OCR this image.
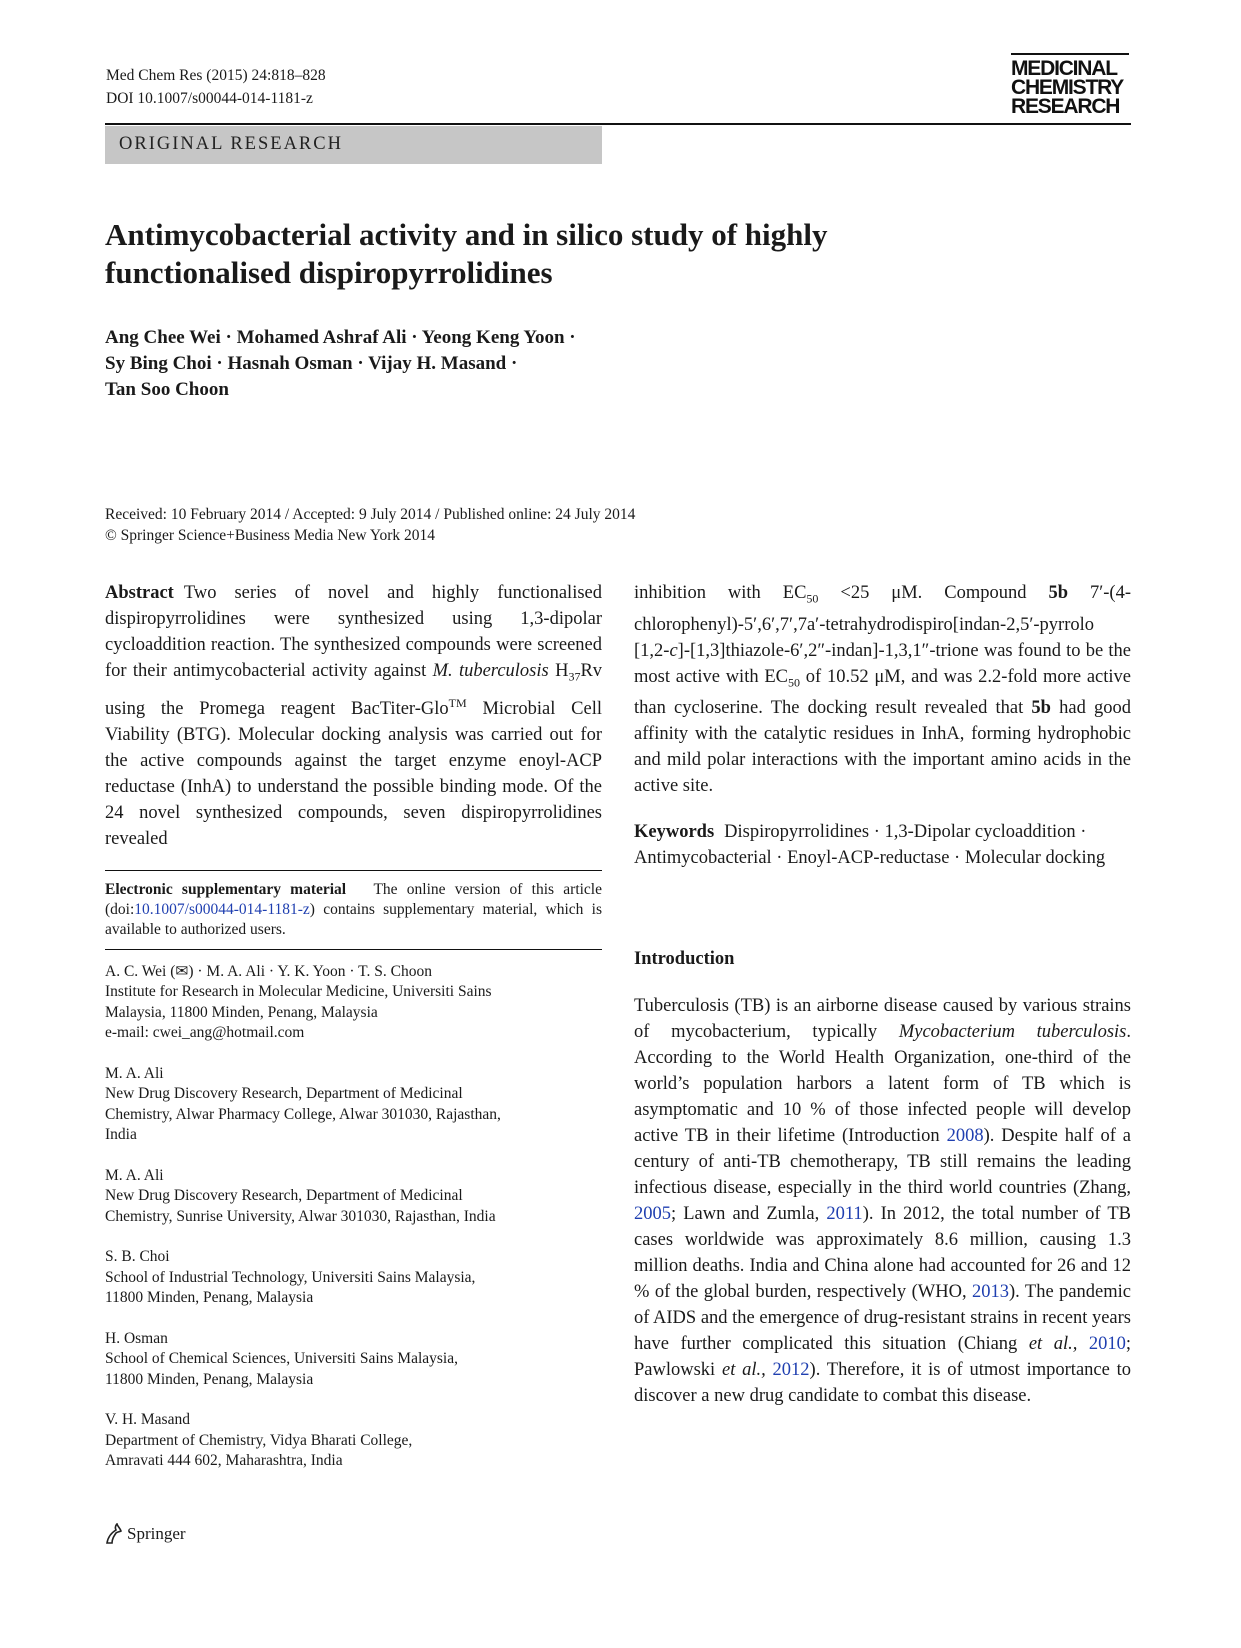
Med Chem Res (2015) 24:818–828
DOI 10.1007/s00044-014-1181-z
MEDICINAL
CHEMISTRY
RESEARCH
ORIGINAL RESEARCH
Antimycobacterial activity and in silico study of highly functionalised dispiropyrrolidines
Ang Chee Wei · Mohamed Ashraf Ali · Yeong Keng Yoon ·
Sy Bing Choi · Hasnah Osman · Vijay H. Masand ·
Tan Soo Choon
Received: 10 February 2014 / Accepted: 9 July 2014 / Published online: 24 July 2014
© Springer Science+Business Media New York 2014

Abstract Two series of novel and highly functionalised dispiropyrrolidines were synthesized using 1,3-dipolar cycloaddition reaction. The synthesized compounds were screened for their antimycobacterial activity against M. tuberculosis $H_{37}Rv$ using the Promega reagent BacTiter-Glo™ Microbial Cell Viability (BTG). Molecular docking analysis was carried out for the active compounds against the target enzyme enoyl-ACP reductase (InhA) to understand the possible binding mode. Of the 24 novel synthesized compounds, seven dispiropyrrolidines revealed

Electronic supplementary material The online version of this article (doi:10.1007/s00044-014-1181-z) contains supplementary material, which is available to authorized users.

A. C. Wei (✉) · M. A. Ali · Y. K. Yoon · T. S. Choon
Institute for Research in Molecular Medicine, Universiti Sains
Malaysia, 11800 Minden, Penang, Malaysia
e-mail: cwei_ang@hotmail.com
M. A. Ali
New Drug Discovery Research, Department of Medicinal
Chemistry, Alwar Pharmacy College, Alwar 301030, Rajasthan,
India
M. A. Ali
New Drug Discovery Research, Department of Medicinal
Chemistry, Sunrise University, Alwar 301030, Rajasthan, India
S. B. Choi
School of Industrial Technology, Universiti Sains Malaysia,
11800 Minden, Penang, Malaysia
H. Osman
School of Chemical Sciences, Universiti Sains Malaysia,
11800 Minden, Penang, Malaysia
V. H. Masand
Department of Chemistry, Vidya Bharati College,
Amravati 444 602, Maharashtra, India

inhibition with $EC_{50} <25$ μM. Compound 5b 7′-(4-chlorophenyl)-5′,6′,7′,7a′-tetrahydrodispiro[indan-2,5′-pyrrolo [1,2-c]-[1,3]thiazole-6′,2″-indan]-1,3,1″-trione was found to be the most active with $EC_{50}$ of 10.52 μM, and was 2.2-fold more active than cycloserine. The docking result revealed that 5b had good affinity with the catalytic residues in InhA, forming hydrophobic and mild polar interactions with the important amino acids in the active site.

Keywords Dispiropyrrolidines · 1,3-Dipolar cycloaddition · Antimycobacterial · Enoyl-ACP-reductase · Molecular docking

Introduction

Tuberculosis (TB) is an airborne disease caused by various strains of mycobacterium, typically Mycobacterium tuberculosis. According to the World Health Organization, one-third of the world’s population harbors a latent form of TB which is asymptomatic and 10 % of those infected people will develop active TB in their lifetime (Introduction 2008). Despite half of a century of anti-TB chemotherapy, TB still remains the leading infectious disease, especially in the third world countries (Zhang, 2005; Lawn and Zumla, 2011). In 2012, the total number of TB cases worldwide was approximately 8.6 million, causing 1.3 million deaths. India and China alone had accounted for 26 and 12 % of the global burden, respectively (WHO, 2013). The pandemic of AIDS and the emergence of drug-resistant strains in recent years have further complicated this situation (Chiang et al., 2010; Pawlowski et al., 2012). Therefore, it is of utmost importance to discover a new drug candidate to combat this disease.

Springer
